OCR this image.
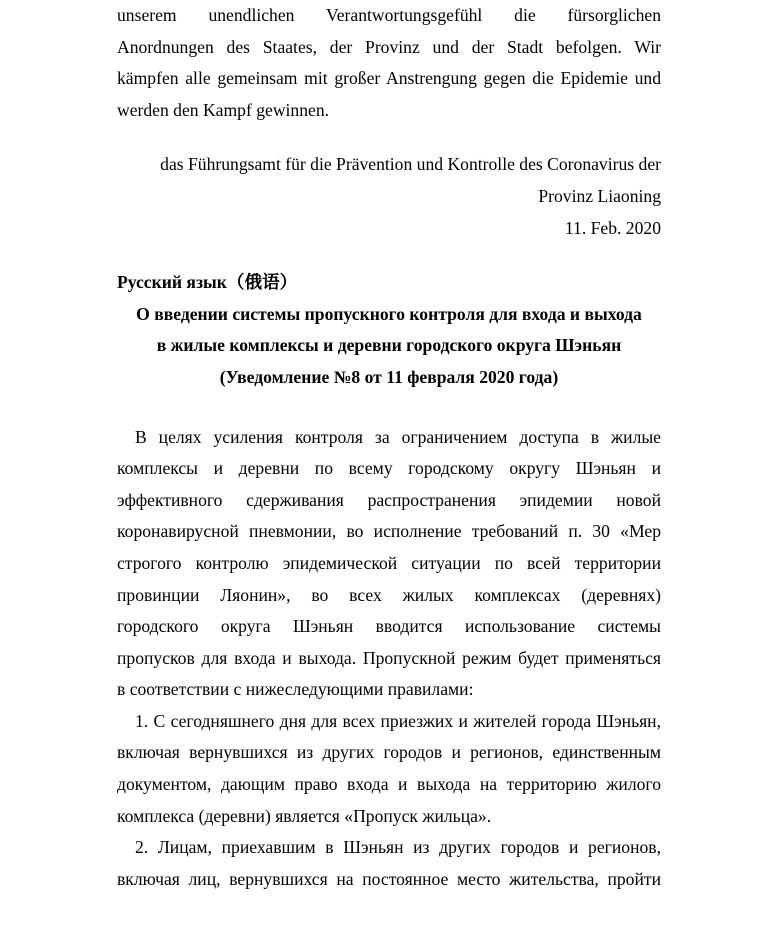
unserem unendlichen Verantwortungsgefühl die fürsorglichen
Anordnungen des Staates, der Provinz und der Stadt befolgen. Wir
kämpfen alle gemeinsam mit großer Anstrengung gegen die Epidemie und
werden den Kampf gewinnen.
das Führungsamt für die Prävention und Kontrolle des Coronavirus der
Provinz Liaoning
11. Feb. 2020
Русский язык（俄语）
О введении системы пропускного контроля для входа и выхода
в жилые комплексы и деревни городского округа Шэньян
(Уведомление №8 от 11 февраля 2020 года)
В целях усиления контроля за ограничением доступа в жилые
комплексы и деревни по всему городскому округу Шэньян и
эффективного сдерживания распространения эпидемии новой
коронавирусной пневмонии, во исполнение требований п. 30 «Мер
строгого контролю эпидемической ситуации по всей территории
провинции Ляонин», во всех жилых комплексах (деревнях)
городского округа Шэньян вводится использование системы
пропусков для входа и выхода. Пропускной режим будет применяться
в соответствии с нижеследующими правилами:
1. С сегодняшнего дня для всех приезжих и жителей города Шэньян,
включая вернувшихся из других городов и регионов, единственным
документом, дающим право входа и выхода на территорию жилого
комплекса (деревни) является «Пропуск жильца».
2. Лицам, приехавшим в Шэньян из других городов и регионов,
включая лиц, вернувшихся на постоянное место жительства, пройти
